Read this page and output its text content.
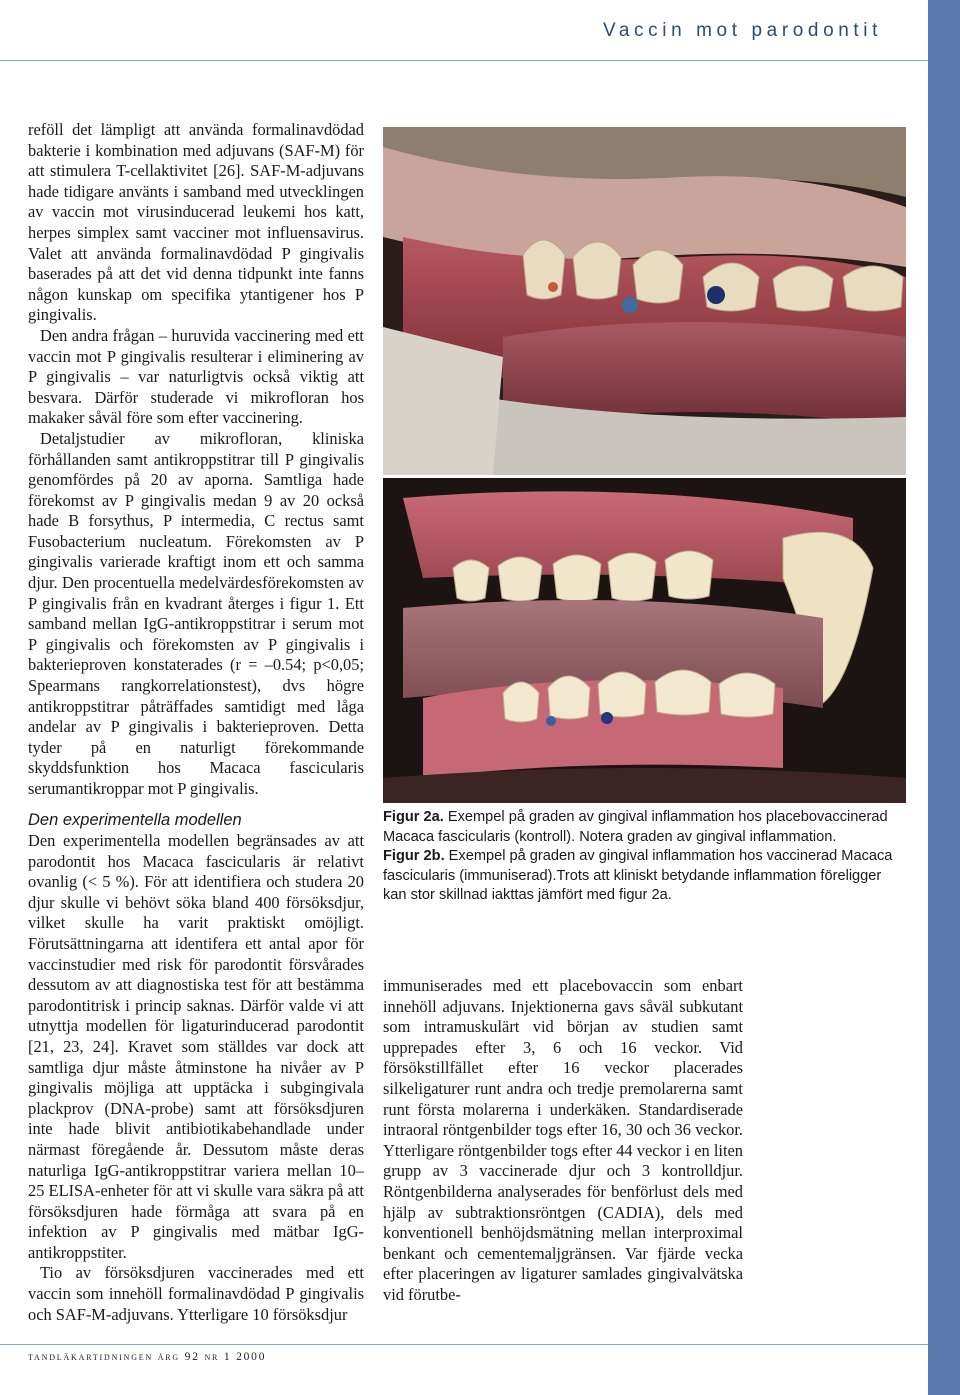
Vaccin mot parodontit

reföll det lämpligt att använda formalinavdödad bakterie i kombination med adjuvans (SAF-M) för att stimulera T-cellaktivitet [26]. SAF-M-adjuvans hade tidigare använts i samband med utvecklingen av vaccin mot virusinducerad leukemi hos katt, herpes simplex samt vacciner mot influensavirus. Valet att använda formalinavdödad P gingivalis baserades på att det vid denna tidpunkt inte fanns någon kunskap om specifika ytantigener hos P gingivalis.

Den andra frågan – huruvida vaccinering med ett vaccin mot P gingivalis resulterar i eliminering av P gingivalis – var naturligtvis också viktig att besvara. Därför studerade vi mikrofloran hos makaker såväl före som efter vaccinering.

Detaljstudier av mikrofloran, kliniska förhållanden samt antikroppstitrar till P gingivalis genomfördes på 20 av aporna. Samtliga hade förekomst av P gingivalis medan 9 av 20 också hade B forsythus, P intermedia, C rectus samt Fusobacterium nucleatum. Förekomsten av P gingivalis varierade kraftigt inom ett och samma djur. Den procentuella medelvärdesförekomsten av P gingivalis från en kvadrant återges i figur 1. Ett samband mellan IgG-antikroppstitrar i serum mot P gingivalis och förekomsten av P gingivalis i bakterieproven konstaterades (r = –0.54; p<0,05; Spearmans rangkorrelationstest), dvs högre antikroppstitrar påträffades samtidigt med låga andelar av P gingivalis i bakterieproven. Detta tyder på en naturligt förekommande skyddsfunktion hos Macaca fascicularis serumantikroppar mot P gingivalis.

Den experimentella modellen

Den experimentella modellen begränsades av att parodontit hos Macaca fascicularis är relativt ovanlig (< 5 %). För att identifiera och studera 20 djur skulle vi behövt söka bland 400 försöksdjur, vilket skulle ha varit praktiskt omöjligt. Förutsättningarna att identifera ett antal apor för vaccinstudier med risk för parodontit försvårades dessutom av att diagnostiska test för att bestämma parodontitrisk i princip saknas. Därför valde vi att utnyttja modellen för ligaturinducerad parodontit [21, 23, 24]. Kravet som ställdes var dock att samtliga djur måste åtminstone ha nivåer av P gingivalis möjliga att upptäcka i subgingivala plackprov (DNA-probe) samt att försöksdjuren inte hade blivit antibiotikabehandlade under närmast föregående år. Dessutom måste deras naturliga IgG-antikroppstitrar variera mellan 10–25 ELISA-enheter för att vi skulle vara säkra på att försöksdjuren hade förmåga att svara på en infektion av P gingivalis med mätbar IgG-antikroppstiter.

Tio av försöksdjuren vaccinerades med ett vaccin som innehöll formalinavdödad P gingivalis och SAF-M-adjuvans. Ytterligare 10 försöksdjur

Figur 2a. Exempel på graden av gingival inflammation hos placebovaccinerad Macaca fascicularis (kontroll). Notera graden av gingival inflammation.

Figur 2b. Exempel på graden av gingival inflammation hos vaccinerad Macaca fascicularis (immuniserad).Trots att kliniskt betydande inflammation föreligger kan stor skillnad iakttas jämfört med figur 2a.

immuniserades med ett placebovaccin som enbart innehöll adjuvans. Injektionerna gavs såväl subkutant som intramuskulärt vid början av studien samt upprepades efter 3, 6 och 16 veckor. Vid försökstillfället efter 16 veckor placerades silkeligaturer runt andra och tredje premolarerna samt runt första molarerna i underkäken. Standardiserade intraoral röntgenbilder togs efter 16, 30 och 36 veckor. Ytterligare röntgenbilder togs efter 44 veckor i en liten grupp av 3 vaccinerade djur och 3 kontrolldjur. Röntgenbilderna analyserades för benförlust dels med hjälp av subtraktionsröntgen (CADIA), dels med konventionell benhöjdsmätning mellan interproximal benkant och cementemaljgränsen. Var fjärde vecka efter placeringen av ligaturer samlades gingivalvätska vid förutbe-

tandläkartidningen årg 92 nr 1 2000
